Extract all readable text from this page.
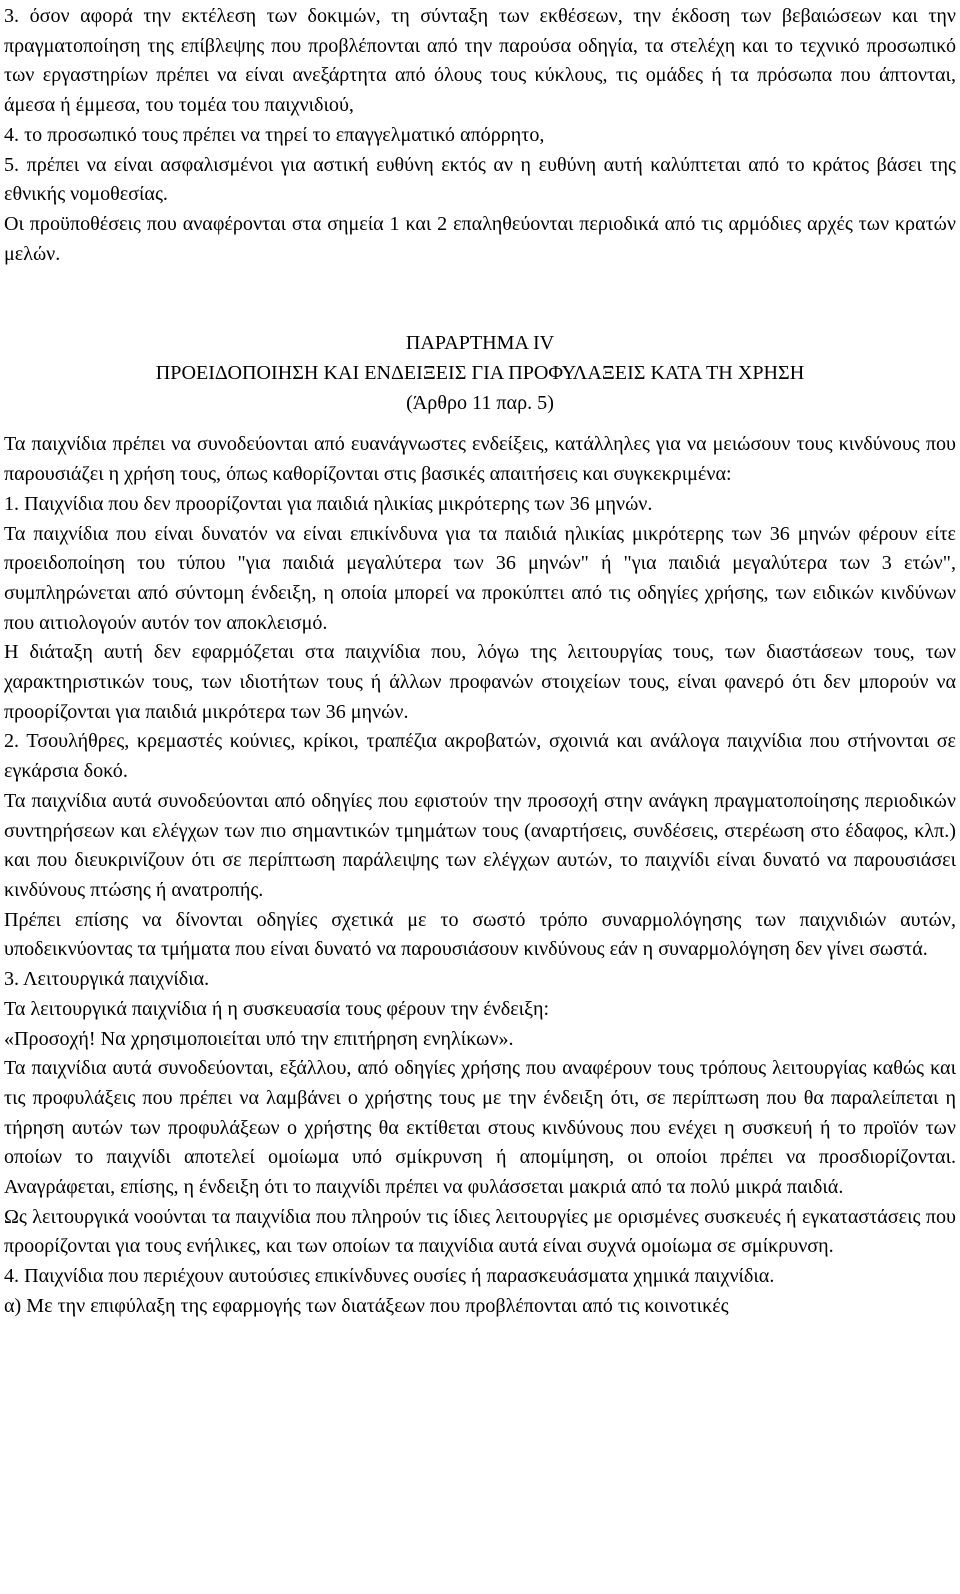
3. όσον αφορά την εκτέλεση των δοκιμών, τη σύνταξη των εκθέσεων, την έκδοση των βεβαιώσεων και την πραγματοποίηση της επίβλεψης που προβλέπονται από την παρούσα οδηγία, τα στελέχη και το τεχνικό προσωπικό των εργαστηρίων πρέπει να είναι ανεξάρτητα από όλους τους κύκλους, τις ομάδες ή τα πρόσωπα που άπτονται, άμεσα ή έμμεσα, του τομέα του παιχνιδιού,

4. το προσωπικό τους πρέπει να τηρεί το επαγγελματικό απόρρητο,

5. πρέπει να είναι ασφαλισμένοι για αστική ευθύνη εκτός αν η ευθύνη αυτή καλύπτεται από το κράτος βάσει της εθνικής νομοθεσίας.

Οι προϋποθέσεις που αναφέρονται στα σημεία 1 και 2 επαληθεύονται περιοδικά από τις αρμόδιες αρχές των κρατών μελών.

ΠΑΡΑΡΤΗΜΑ IV

ΠΡΟΕΙΔΟΠΟΙΗΣΗ ΚΑΙ ΕΝΔΕΙΞΕΙΣ ΓΙΑ ΠΡΟΦΥΛΑΞΕΙΣ ΚΑΤΑ ΤΗ ΧΡΗΣΗ

(Άρθρο 11 παρ. 5)

Τα παιχνίδια πρέπει να συνοδεύονται από ευανάγνωστες ενδείξεις, κατάλληλες για να μειώσουν τους κινδύνους που παρουσιάζει η χρήση τους, όπως καθορίζονται στις βασικές απαιτήσεις και συγκεκριμένα:

1. Παιχνίδια που δεν προορίζονται για παιδιά ηλικίας μικρότερης των 36 μηνών.

Τα παιχνίδια που είναι δυνατόν να είναι επικίνδυνα για τα παιδιά ηλικίας μικρότερης των 36 μηνών φέρουν είτε προειδοποίηση του τύπου "για παιδιά μεγαλύτερα των 36 μηνών" ή "για παιδιά μεγαλύτερα των 3 ετών", συμπληρώνεται από σύντομη ένδειξη, η οποία μπορεί να προκύπτει από τις οδηγίες χρήσης, των ειδικών κινδύνων που αιτιολογούν αυτόν τον αποκλεισμό.

Η διάταξη αυτή δεν εφαρμόζεται στα παιχνίδια που, λόγω της λειτουργίας τους, των διαστάσεων τους, των χαρακτηριστικών τους, των ιδιοτήτων τους ή άλλων προφανών στοιχείων τους, είναι φανερό ότι δεν μπορούν να προορίζονται για παιδιά μικρότερα των 36 μηνών.

2. Τσουλήθρες, κρεμαστές κούνιες, κρίκοι, τραπέζια ακροβατών, σχοινιά και ανάλογα παιχνίδια που στήνονται σε εγκάρσια δοκό.

Τα παιχνίδια αυτά συνοδεύονται από οδηγίες που εφιστούν την προσοχή στην ανάγκη πραγματοποίησης περιοδικών συντηρήσεων και ελέγχων των πιο σημαντικών τμημάτων τους (αναρτήσεις, συνδέσεις, στερέωση στο έδαφος, κλπ.) και που διευκρινίζουν ότι σε περίπτωση παράλειψης των ελέγχων αυτών, το παιχνίδι είναι δυνατό να παρουσιάσει κινδύνους πτώσης ή ανατροπής.

Πρέπει επίσης να δίνονται οδηγίες σχετικά με το σωστό τρόπο συναρμολόγησης των παιχνιδιών αυτών, υποδεικνύοντας τα τμήματα που είναι δυνατό να παρουσιάσουν κινδύνους εάν η συναρμολόγηση δεν γίνει σωστά.

3. Λειτουργικά παιχνίδια.

Τα λειτουργικά παιχνίδια ή η συσκευασία τους φέρουν την ένδειξη:

«Προσοχή! Να χρησιμοποιείται υπό την επιτήρηση ενηλίκων».

Τα παιχνίδια αυτά συνοδεύονται, εξάλλου, από οδηγίες χρήσης που αναφέρουν τους τρόπους λειτουργίας καθώς και τις προφυλάξεις που πρέπει να λαμβάνει ο χρήστης τους με την ένδειξη ότι, σε περίπτωση που θα παραλείπεται η τήρηση αυτών των προφυλάξεων ο χρήστης θα εκτίθεται στους κινδύνους που ενέχει η συσκευή ή το προϊόν των οποίων το παιχνίδι αποτελεί ομοίωμα υπό σμίκρυνση ή απομίμηση, οι οποίοι πρέπει να προσδιορίζονται. Αναγράφεται, επίσης, η ένδειξη ότι το παιχνίδι πρέπει να φυλάσσεται μακριά από τα πολύ μικρά παιδιά.

Ως λειτουργικά νοούνται τα παιχνίδια που πληρούν τις ίδιες λειτουργίες με ορισμένες συσκευές ή εγκαταστάσεις που προορίζονται για τους ενήλικες, και των οποίων τα παιχνίδια αυτά είναι συχνά ομοίωμα σε σμίκρυνση.

4. Παιχνίδια που περιέχουν αυτούσιες επικίνδυνες ουσίες ή παρασκευάσματα χημικά παιχνίδια.

α) Με την επιφύλαξη της εφαρμογής των διατάξεων που προβλέπονται από τις κοινοτικές
